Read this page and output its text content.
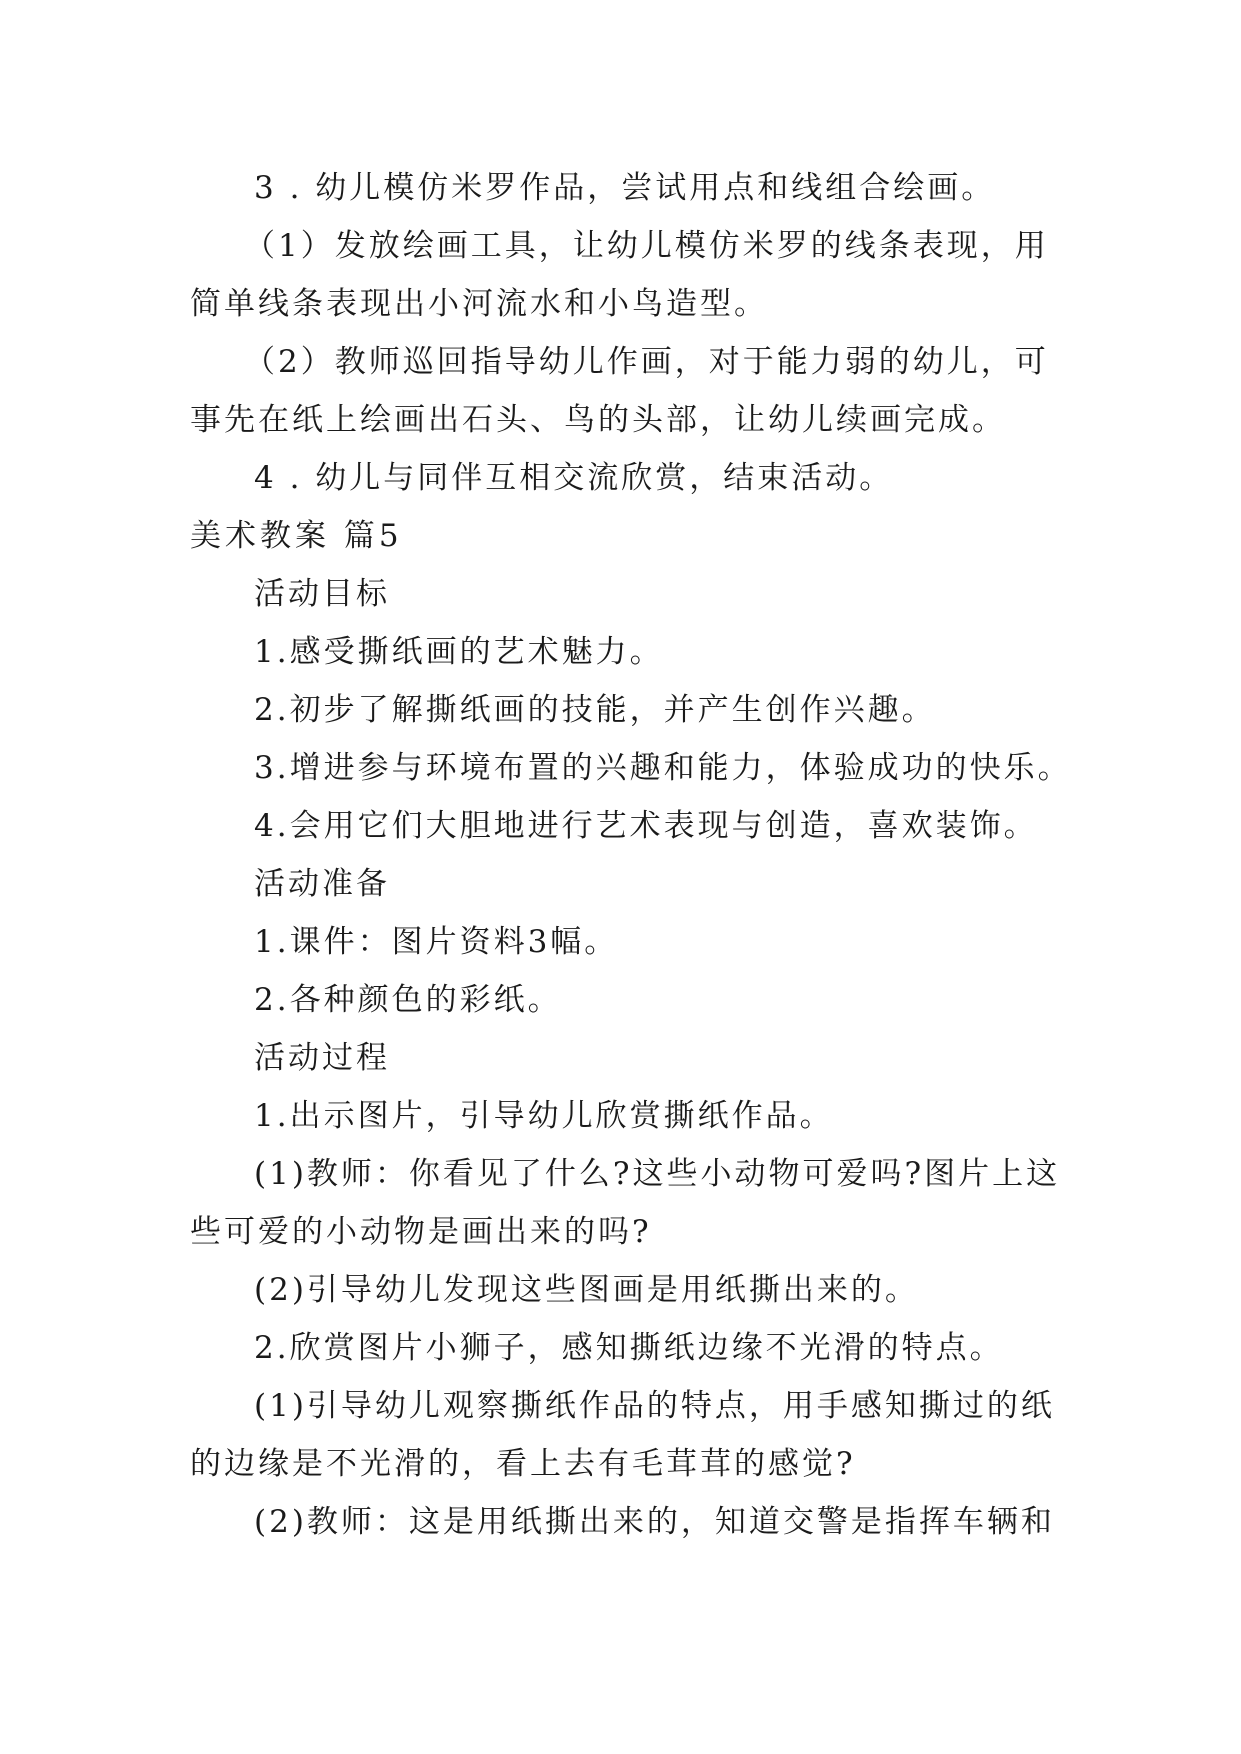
3 . 幼儿模仿米罗作品，尝试用点和线组合绘画。
（1）发放绘画工具，让幼儿模仿米罗的线条表现，用
简单线条表现出小河流水和小鸟造型。
（2）教师巡回指导幼儿作画，对于能力弱的幼儿，可
事先在纸上绘画出石头、鸟的头部，让幼儿续画完成。
4 . 幼儿与同伴互相交流欣赏，结束活动。
美术教案 篇5
活动目标
1.感受撕纸画的艺术魅力。
2.初步了解撕纸画的技能，并产生创作兴趣。
3.增进参与环境布置的兴趣和能力，体验成功的快乐。
4.会用它们大胆地进行艺术表现与创造，喜欢装饰。
活动准备
1.课件：图片资料3幅。
2.各种颜色的彩纸。
活动过程
1.出示图片，引导幼儿欣赏撕纸作品。
(1)教师：你看见了什么?这些小动物可爱吗?图片上这
些可爱的小动物是画出来的吗?
(2)引导幼儿发现这些图画是用纸撕出来的。
2.欣赏图片小狮子，感知撕纸边缘不光滑的特点。
(1)引导幼儿观察撕纸作品的特点，用手感知撕过的纸
的边缘是不光滑的，看上去有毛茸茸的感觉?
(2)教师：这是用纸撕出来的，知道交警是指挥车辆和
